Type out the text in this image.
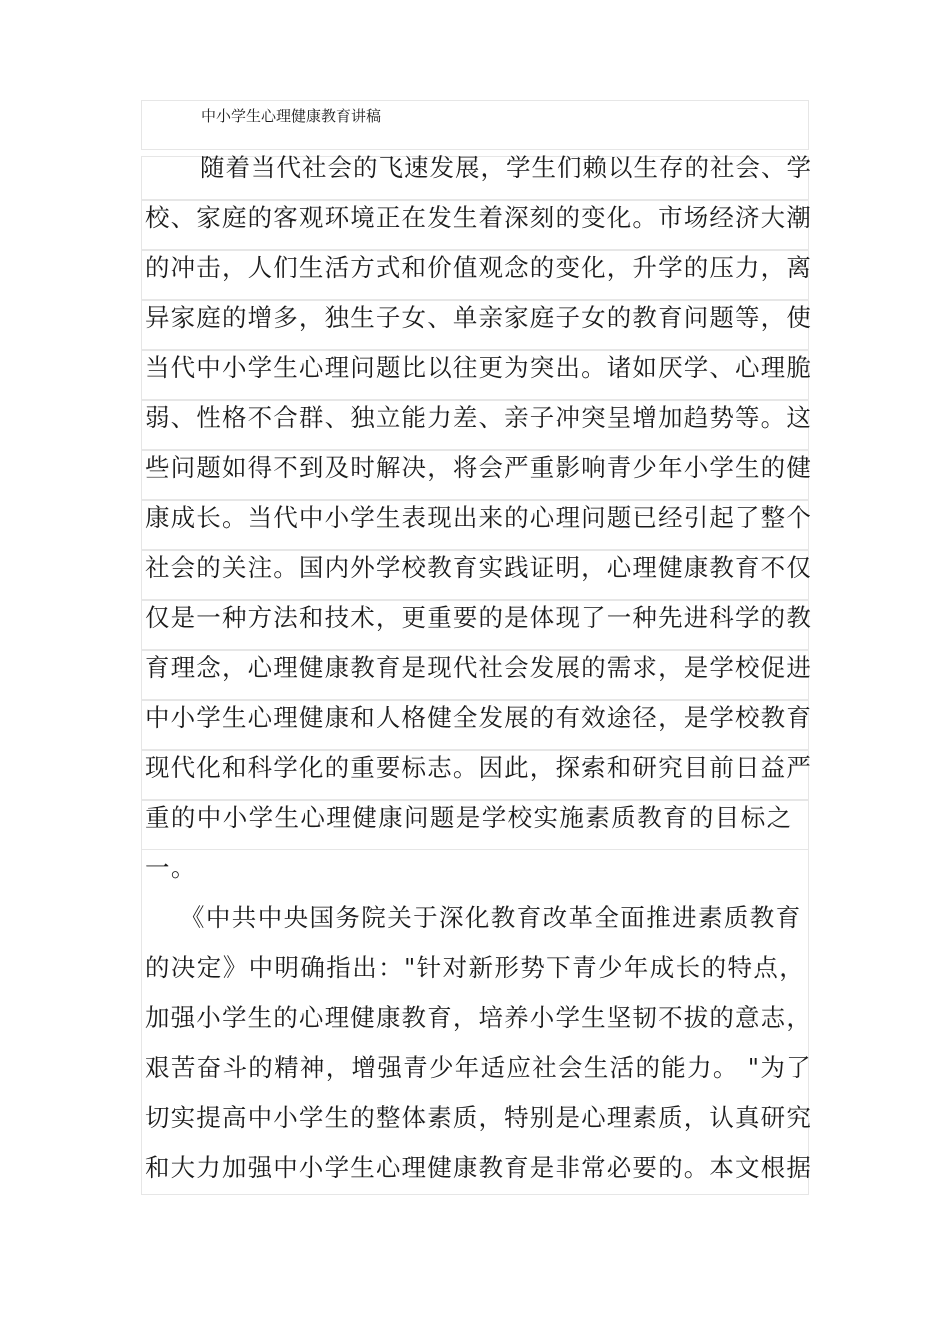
中小学生心理健康教育讲稿
随着当代社会的飞速发展，学生们赖以生存的社会、学
校、家庭的客观环境正在发生着深刻的变化。市场经济大潮
的冲击，人们生活方式和价值观念的变化，升学的压力，离
异家庭的增多，独生子女、单亲家庭子女的教育问题等，使
当代中小学生心理问题比以往更为突出。诸如厌学、心理脆
弱、性格不合群、独立能力差、亲子冲突呈增加趋势等。这
些问题如得不到及时解决，将会严重影响青少年小学生的健
康成长。当代中小学生表现出来的心理问题已经引起了整个
社会的关注。国内外学校教育实践证明，心理健康教育不仅
仅是一种方法和技术，更重要的是体现了一种先进科学的教
育理念，心理健康教育是现代社会发展的需求，是学校促进
中小学生心理健康和人格健全发展的有效途径，是学校教育
现代化和科学化的重要标志。因此，探索和研究目前日益严
重的中小学生心理健康问题是学校实施素质教育的目标之
一。
《中共中央国务院关于深化教育改革全面推进素质教育
的决定》中明确指出："针对新形势下青少年成长的特点，
加强小学生的心理健康教育，培养小学生坚韧不拔的意志，
艰苦奋斗的精神，增强青少年适应社会生活的能力。 "为了
切实提高中小学生的整体素质，特别是心理素质，认真研究
和大力加强中小学生心理健康教育是非常必要的。本文根据
